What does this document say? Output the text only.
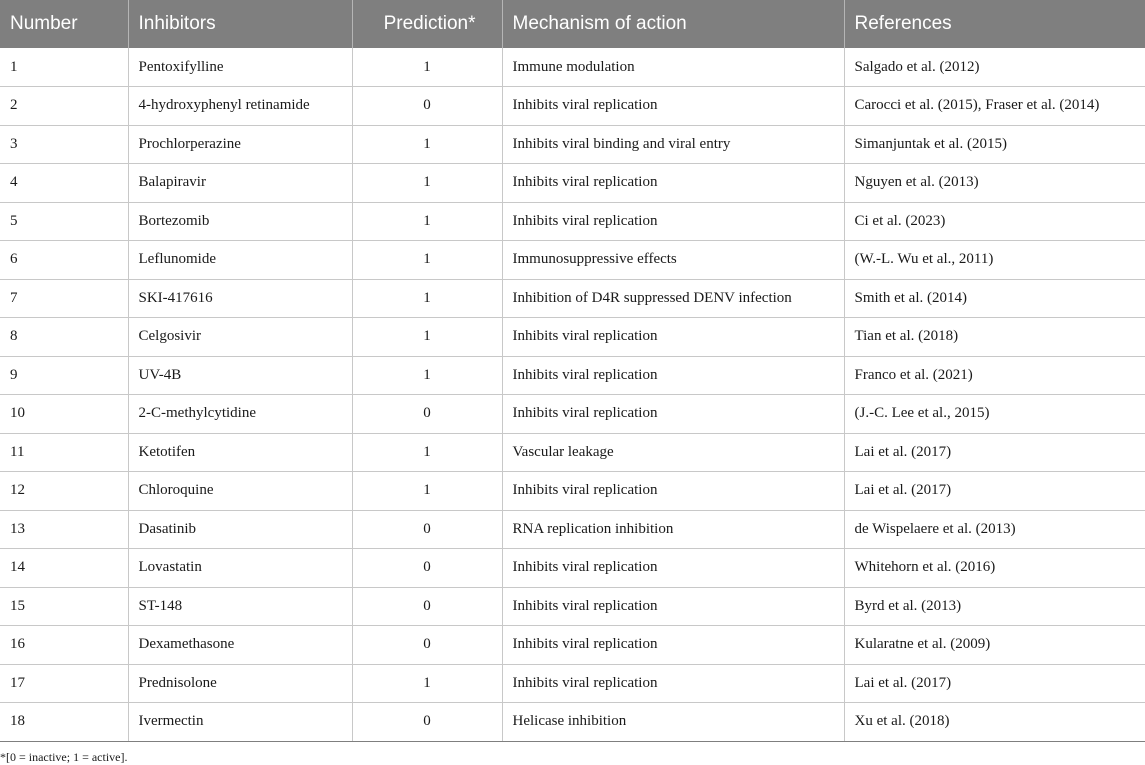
Number	Inhibitors	Prediction*	Mechanism of action	References
1	Pentoxifylline	1	Immune modulation	Salgado et al. (2012)
2	4-hydroxyphenyl retinamide	0	Inhibits viral replication	Carocci et al. (2015), Fraser et al. (2014)
3	Prochlorperazine	1	Inhibits viral binding and viral entry	Simanjuntak et al. (2015)
4	Balapiravir	1	Inhibits viral replication	Nguyen et al. (2013)
5	Bortezomib	1	Inhibits viral replication	Ci et al. (2023)
6	Leflunomide	1	Immunosuppressive effects	(W.-L. Wu et al., 2011)
7	SKI-417616	1	Inhibition of D4R suppressed DENV infection	Smith et al. (2014)
8	Celgosivir	1	Inhibits viral replication	Tian et al. (2018)
9	UV-4B	1	Inhibits viral replication	Franco et al. (2021)
10	2-C-methylcytidine	0	Inhibits viral replication	(J.-C. Lee et al., 2015)
11	Ketotifen	1	Vascular leakage	Lai et al. (2017)
12	Chloroquine	1	Inhibits viral replication	Lai et al. (2017)
13	Dasatinib	0	RNA replication inhibition	de Wispelaere et al. (2013)
14	Lovastatin	0	Inhibits viral replication	Whitehorn et al. (2016)
15	ST-148	0	Inhibits viral replication	Byrd et al. (2013)
16	Dexamethasone	0	Inhibits viral replication	Kularatne et al. (2009)
17	Prednisolone	1	Inhibits viral replication	Lai et al. (2017)
18	Ivermectin	0	Helicase inhibition	Xu et al. (2018)

*[0 = inactive; 1 = active].
